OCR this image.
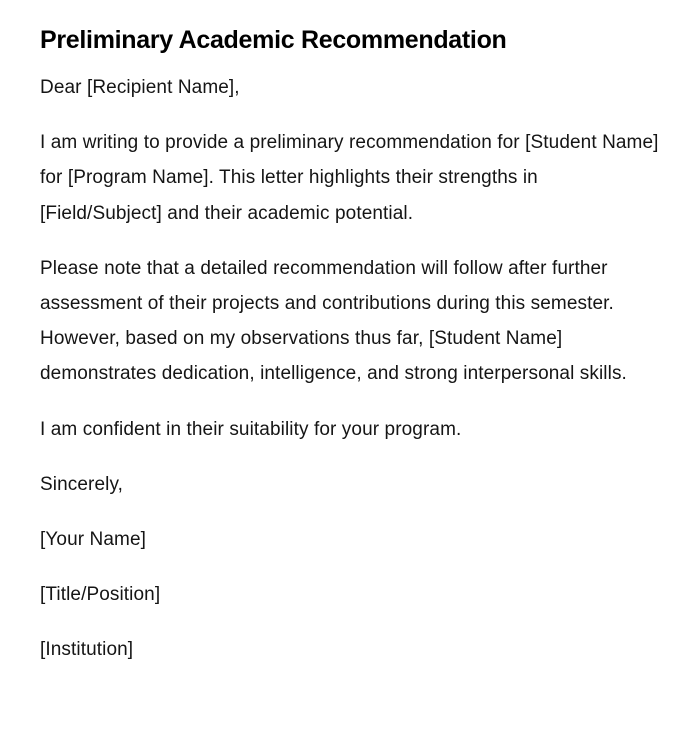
Preliminary Academic Recommendation

Dear [Recipient Name],

I am writing to provide a preliminary recommendation for [Student Name] for [Program Name]. This letter highlights their strengths in [Field/Subject] and their academic potential.

Please note that a detailed recommendation will follow after further assessment of their projects and contributions during this semester. However, based on my observations thus far, [Student Name] demonstrates dedication, intelligence, and strong interpersonal skills.

I am confident in their suitability for your program.

Sincerely,

[Your Name]

[Title/Position]

[Institution]
